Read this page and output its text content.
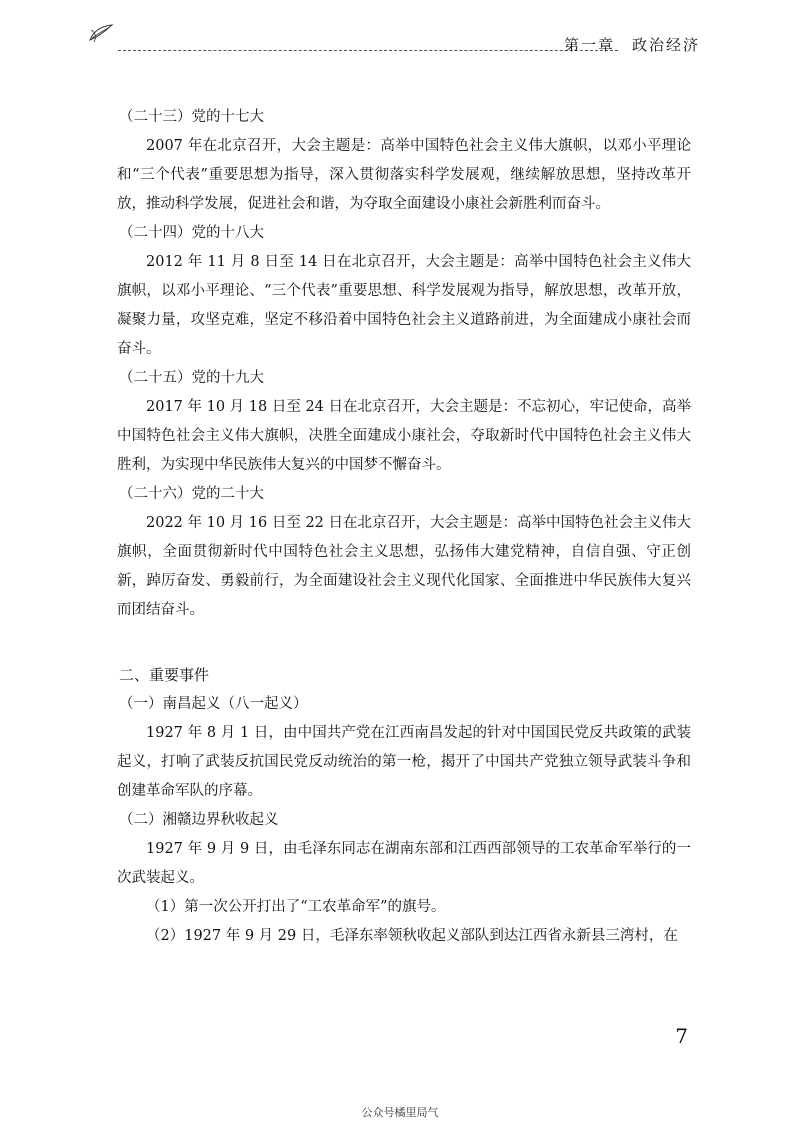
第一章　政治经济
（二十三）党的十七大

2007 年在北京召开，大会主题是：高举中国特色社会主义伟大旗帜，以邓小平理论和“三个代表”重要思想为指导，深入贯彻落实科学发展观，继续解放思想，坚持改革开放，推动科学发展，促进社会和谐，为夺取全面建设小康社会新胜利而奋斗。

（二十四）党的十八大

2012 年 11 月 8 日至 14 日在北京召开，大会主题是：高举中国特色社会主义伟大旗帜，以邓小平理论、“三个代表”重要思想、科学发展观为指导，解放思想，改革开放，凝聚力量，攻坚克难，坚定不移沿着中国特色社会主义道路前进，为全面建成小康社会而奋斗。

（二十五）党的十九大

2017 年 10 月 18 日至 24 日在北京召开，大会主题是：不忘初心，牢记使命，高举中国特色社会主义伟大旗帜，决胜全面建成小康社会，夺取新时代中国特色社会主义伟大胜利，为实现中华民族伟大复兴的中国梦不懈奋斗。

（二十六）党的二十大

2022 年 10 月 16 日至 22 日在北京召开，大会主题是：高举中国特色社会主义伟大旗帜，全面贯彻新时代中国特色社会主义思想，弘扬伟大建党精神，自信自强、守正创新，踔厉奋发、勇毅前行，为全面建设社会主义现代化国家、全面推进中华民族伟大复兴而团结奋斗。

二、重要事件
（一）南昌起义（八一起义）

1927 年 8 月 1 日，由中国共产党在江西南昌发起的针对中国国民党反共政策的武装起义，打响了武装反抗国民党反动统治的第一枪，揭开了中国共产党独立领导武装斗争和创建革命军队的序幕。

（二）湘赣边界秋收起义

1927 年 9 月 9 日，由毛泽东同志在湖南东部和江西西部领导的工农革命军举行的一次武装起义。

（1）第一次公开打出了“工农革命军”的旗号。

（2）1927 年 9 月 29 日，毛泽东率领秋收起义部队到达江西省永新县三湾村，在

7
公众号橘里局气
